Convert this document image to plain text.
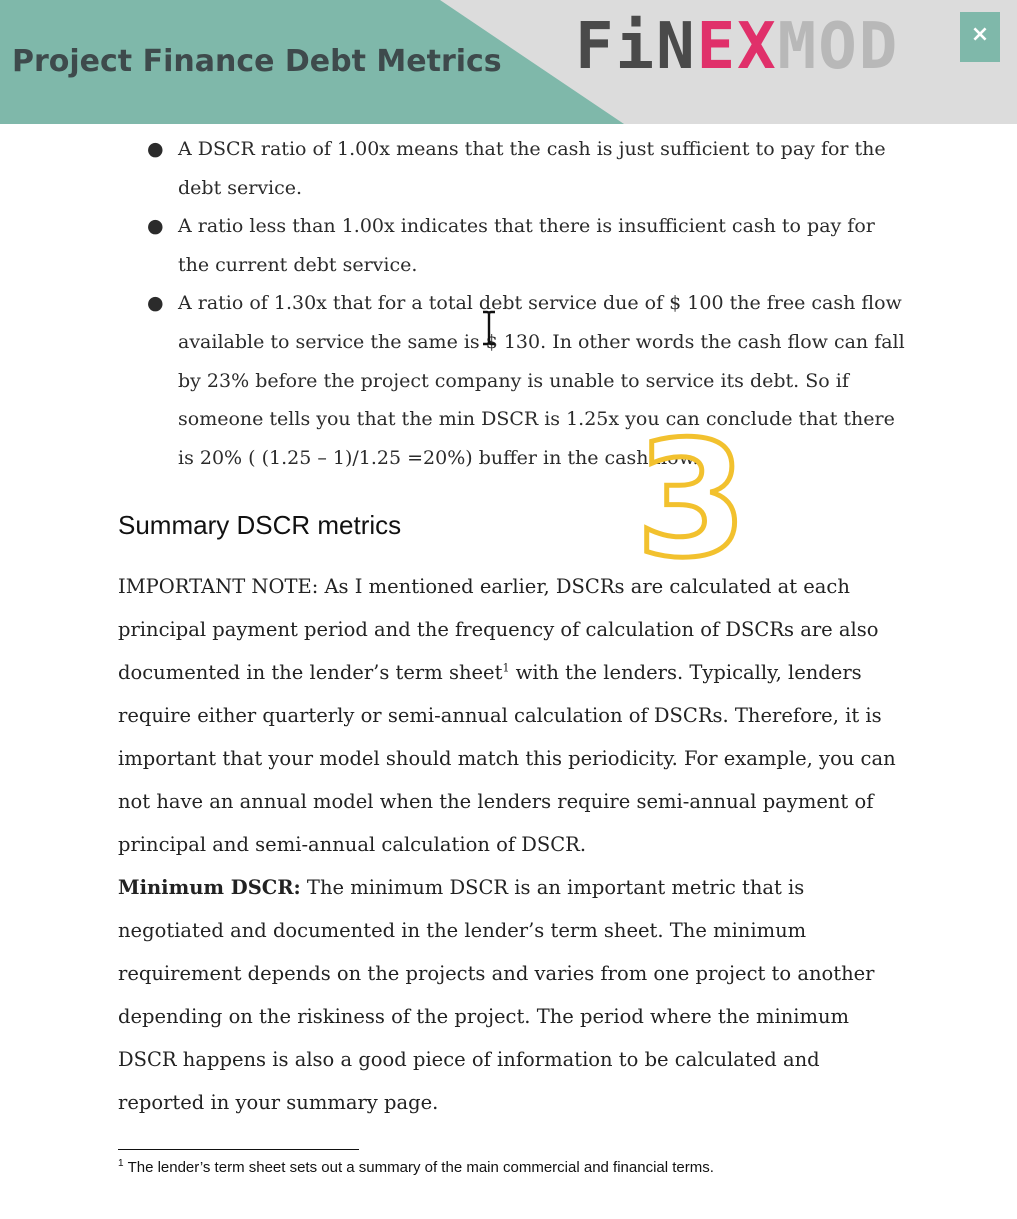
Project Finance Debt Metrics FiNEXMOD	×
● A DSCR ratio of 1.00x means that the cash is just sufficient to pay for the debt service.
● A ratio less than 1.00x indicates that there is insufficient cash to pay for the current debt service.
● A ratio of 1.30x that for a total debt service due of $ 100 the free cash flow available to service the same is $ 130. In other words the cash flow can fall by 23% before the project company is unable to service its debt. So if someone tells you that the min DSCR is 1.25x you can conclude that there is 20% ( (1.25 – 1)/1.25 =20%) buffer in the cash flow.
Summary DSCR metrics 3

IMPORTANT NOTE: As I mentioned earlier, DSCRs are calculated at each principal payment period and the frequency of calculation of DSCRs are also documented in the lender’s term sheet$^1$ with the lenders. Typically, lenders require either quarterly or semi-annual calculation of DSCRs. Therefore, it is important that your model should match this periodicity. For example, you can not have an annual model when the lenders require semi-annual payment of principal and semi-annual calculation of DSCR.

Minimum DSCR: The minimum DSCR is an important metric that is negotiated and documented in the lender’s term sheet. The minimum requirement depends on the projects and varies from one project to another depending on the riskiness of the project. The period where the minimum DSCR happens is also a good piece of information to be calculated and reported in your summary page.

$^1$ The lender’s term sheet sets out a summary of the main commercial and financial terms.
